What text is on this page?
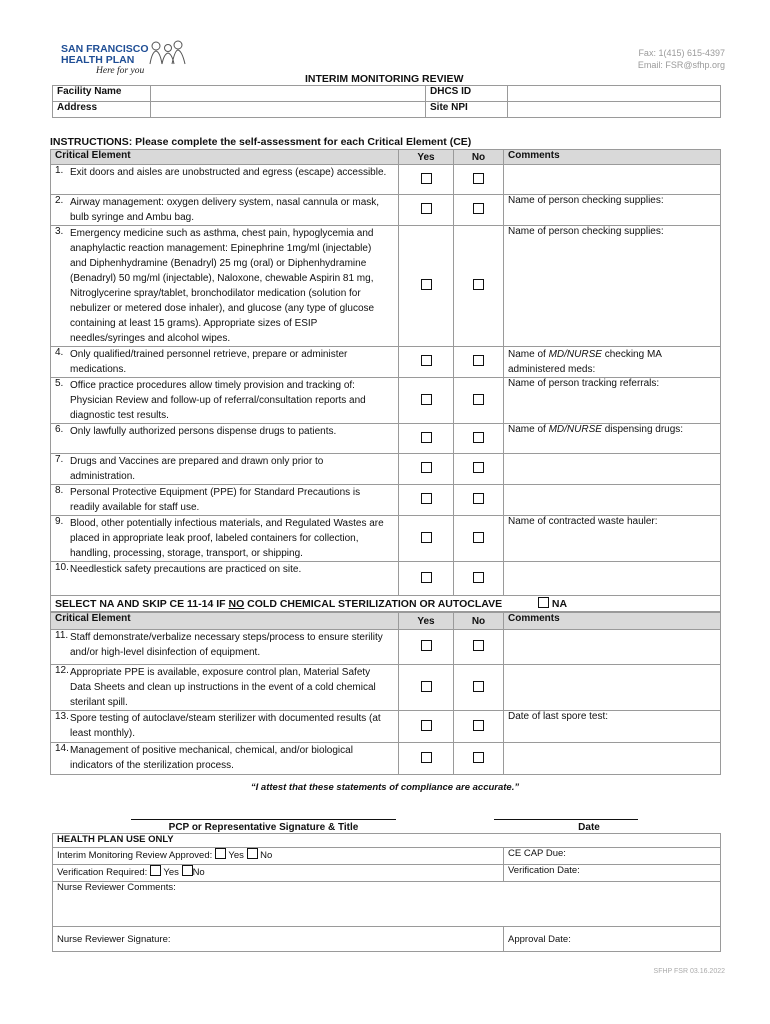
SAN FRANCISCO
HEALTH PLAN
Here for you
Fax: 1(415) 615-4397
Email: FSR@sfhp.org
INTERIM MONITORING REVIEW
Facility Name		DHCS ID	
Address		Site NPI	
INSTRUCTIONS: Please complete the self-assessment for each Critical Element (CE)
Critical Element	Yes	No	Comments
1. Exit doors and aisles are unobstructed and egress (escape) accessible.			
2. Airway management: oxygen delivery system, nasal cannula or mask, bulb syringe and Ambu bag.			Name of person checking supplies:
3. Emergency medicine such as asthma, chest pain, hypoglycemia and anaphylactic reaction management: Epinephrine 1mg/ml (injectable) and Diphenhydramine (Benadryl) 25 mg (oral) or Diphenhydramine (Benadryl) 50 mg/ml (injectable), Naloxone, chewable Aspirin 81 mg, Nitroglycerine spray/tablet, bronchodilator medication (solution for nebulizer or metered dose inhaler), and glucose (any type of glucose containing at least 15 grams). Appropriate sizes of ESIP needles/syringes and alcohol wipes.			Name of person checking supplies:
4. Only qualified/trained personnel retrieve, prepare or administer medications.			Name of MD/NURSE checking MA administered meds:
5. Office practice procedures allow timely provision and tracking of: Physician Review and follow-up of referral/consultation reports and diagnostic test results.			Name of person tracking referrals:
6. Only lawfully authorized persons dispense drugs to patients.			Name of MD/NURSE dispensing drugs:
7. Drugs and Vaccines are prepared and drawn only prior to administration.			
8. Personal Protective Equipment (PPE) for Standard Precautions is readily available for staff use.			
9. Blood, other potentially infectious materials, and Regulated Wastes are placed in appropriate leak proof, labeled containers for collection, handling, processing, storage, transport, or shipping.			Name of contracted waste hauler:
10.Needlestick safety precautions are practiced on site.			
SELECT NA AND SKIP CE 11-14 IF NO COLD CHEMICAL STERILIZATION OR AUTOCLAVE	NA
Critical Element	Yes	No	Comments
11. Staff demonstrate/verbalize necessary steps/process to ensure sterility and/or high-level disinfection of equipment.			
12.Appropriate PPE is available, exposure control plan, Material Safety Data Sheets and clean up instructions in the event of a cold chemical sterilant spill.			
13.Spore testing of autoclave/steam sterilizer with documented results (at least monthly).			Date of last spore test:
14.Management of positive mechanical, chemical, and/or biological indicators of the sterilization process.			
“I attest that these statements of compliance are accurate.”
PCP or Representative Signature & Title	Date
HEALTH PLAN USE ONLY	
Interim Monitoring Review Approved: Yes No	CE CAP Due:
Verification Required: Yes No	Verification Date:
Nurse Reviewer Comments:	
Nurse Reviewer Signature:	Approval Date:
SFHP FSR 03.16.2022
